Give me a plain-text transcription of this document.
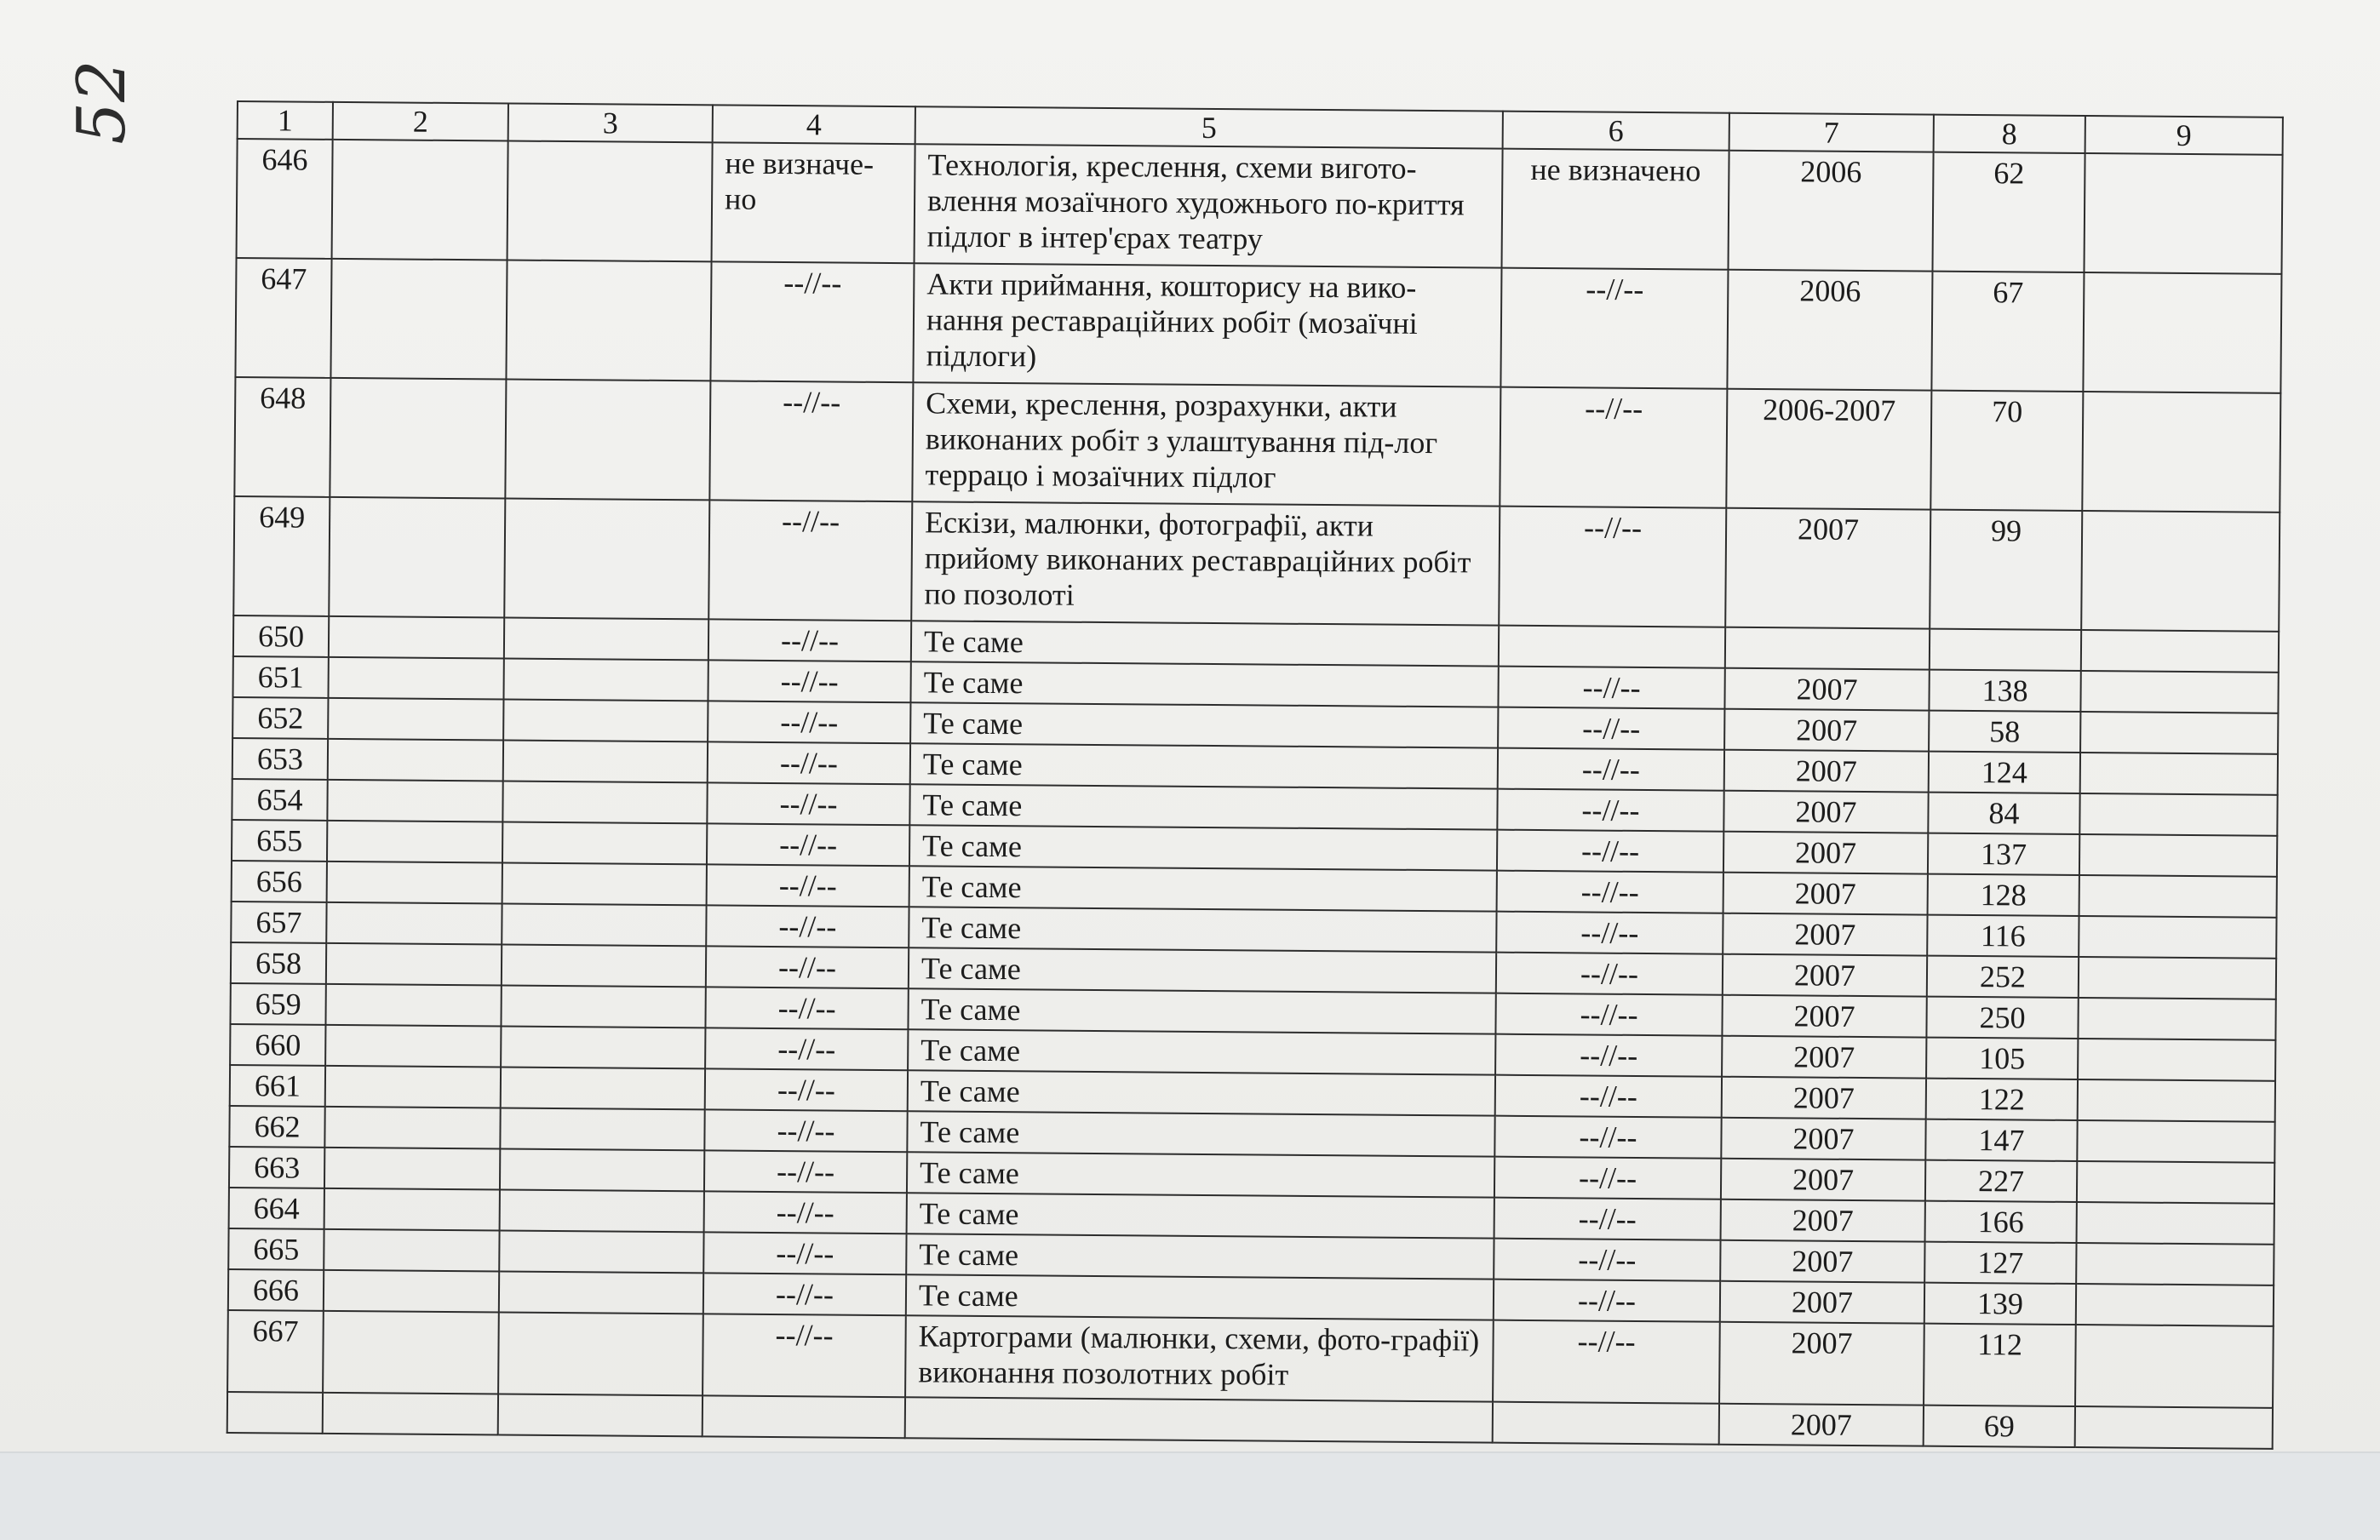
52	1	2	3	4	5	6	7	8	9
646			не визначе-но	Технологія, креслення, схеми вигото-влення мозаїчного художнього по-криття підлог в інтер'єрах театру	не визначено	2006	62	
647			--//--	Акти приймання, кошторису на вико-нання реставраційних робіт (мозаїчні підлоги)	--//--	2006	67	
648			--//--	Схеми, креслення, розрахунки, акти виконаних робіт з улаштування під-лог террацо і мозаїчних підлог	--//--	2006-2007	70	
649			--//--	Ескізи, малюнки, фотографії, акти прийому виконаних реставраційних робіт по позолоті	--//--	2007	99	
650			--//--	Те саме				
651			--//--	Те саме	--//--	2007	138	
652			--//--	Те саме	--//--	2007	58	
653			--//--	Те саме	--//--	2007	124	
654			--//--	Те саме	--//--	2007	84	
655			--//--	Те саме	--//--	2007	137	
656			--//--	Те саме	--//--	2007	128	
657			--//--	Те саме	--//--	2007	116	
658			--//--	Те саме	--//--	2007	252	
659			--//--	Те саме	--//--	2007	250	
660			--//--	Те саме	--//--	2007	105	
661			--//--	Те саме	--//--	2007	122	
662			--//--	Те саме	--//--	2007	147	
663			--//--	Те саме	--//--	2007	227	
664			--//--	Те саме	--//--	2007	166	
665			--//--	Те саме	--//--	2007	127	
666			--//--	Те саме	--//--	2007	139	
667			--//--	Картограми (малюнки, схеми, фото-графії) виконання позолотних робіт	--//--	2007	112	
						2007	69	
